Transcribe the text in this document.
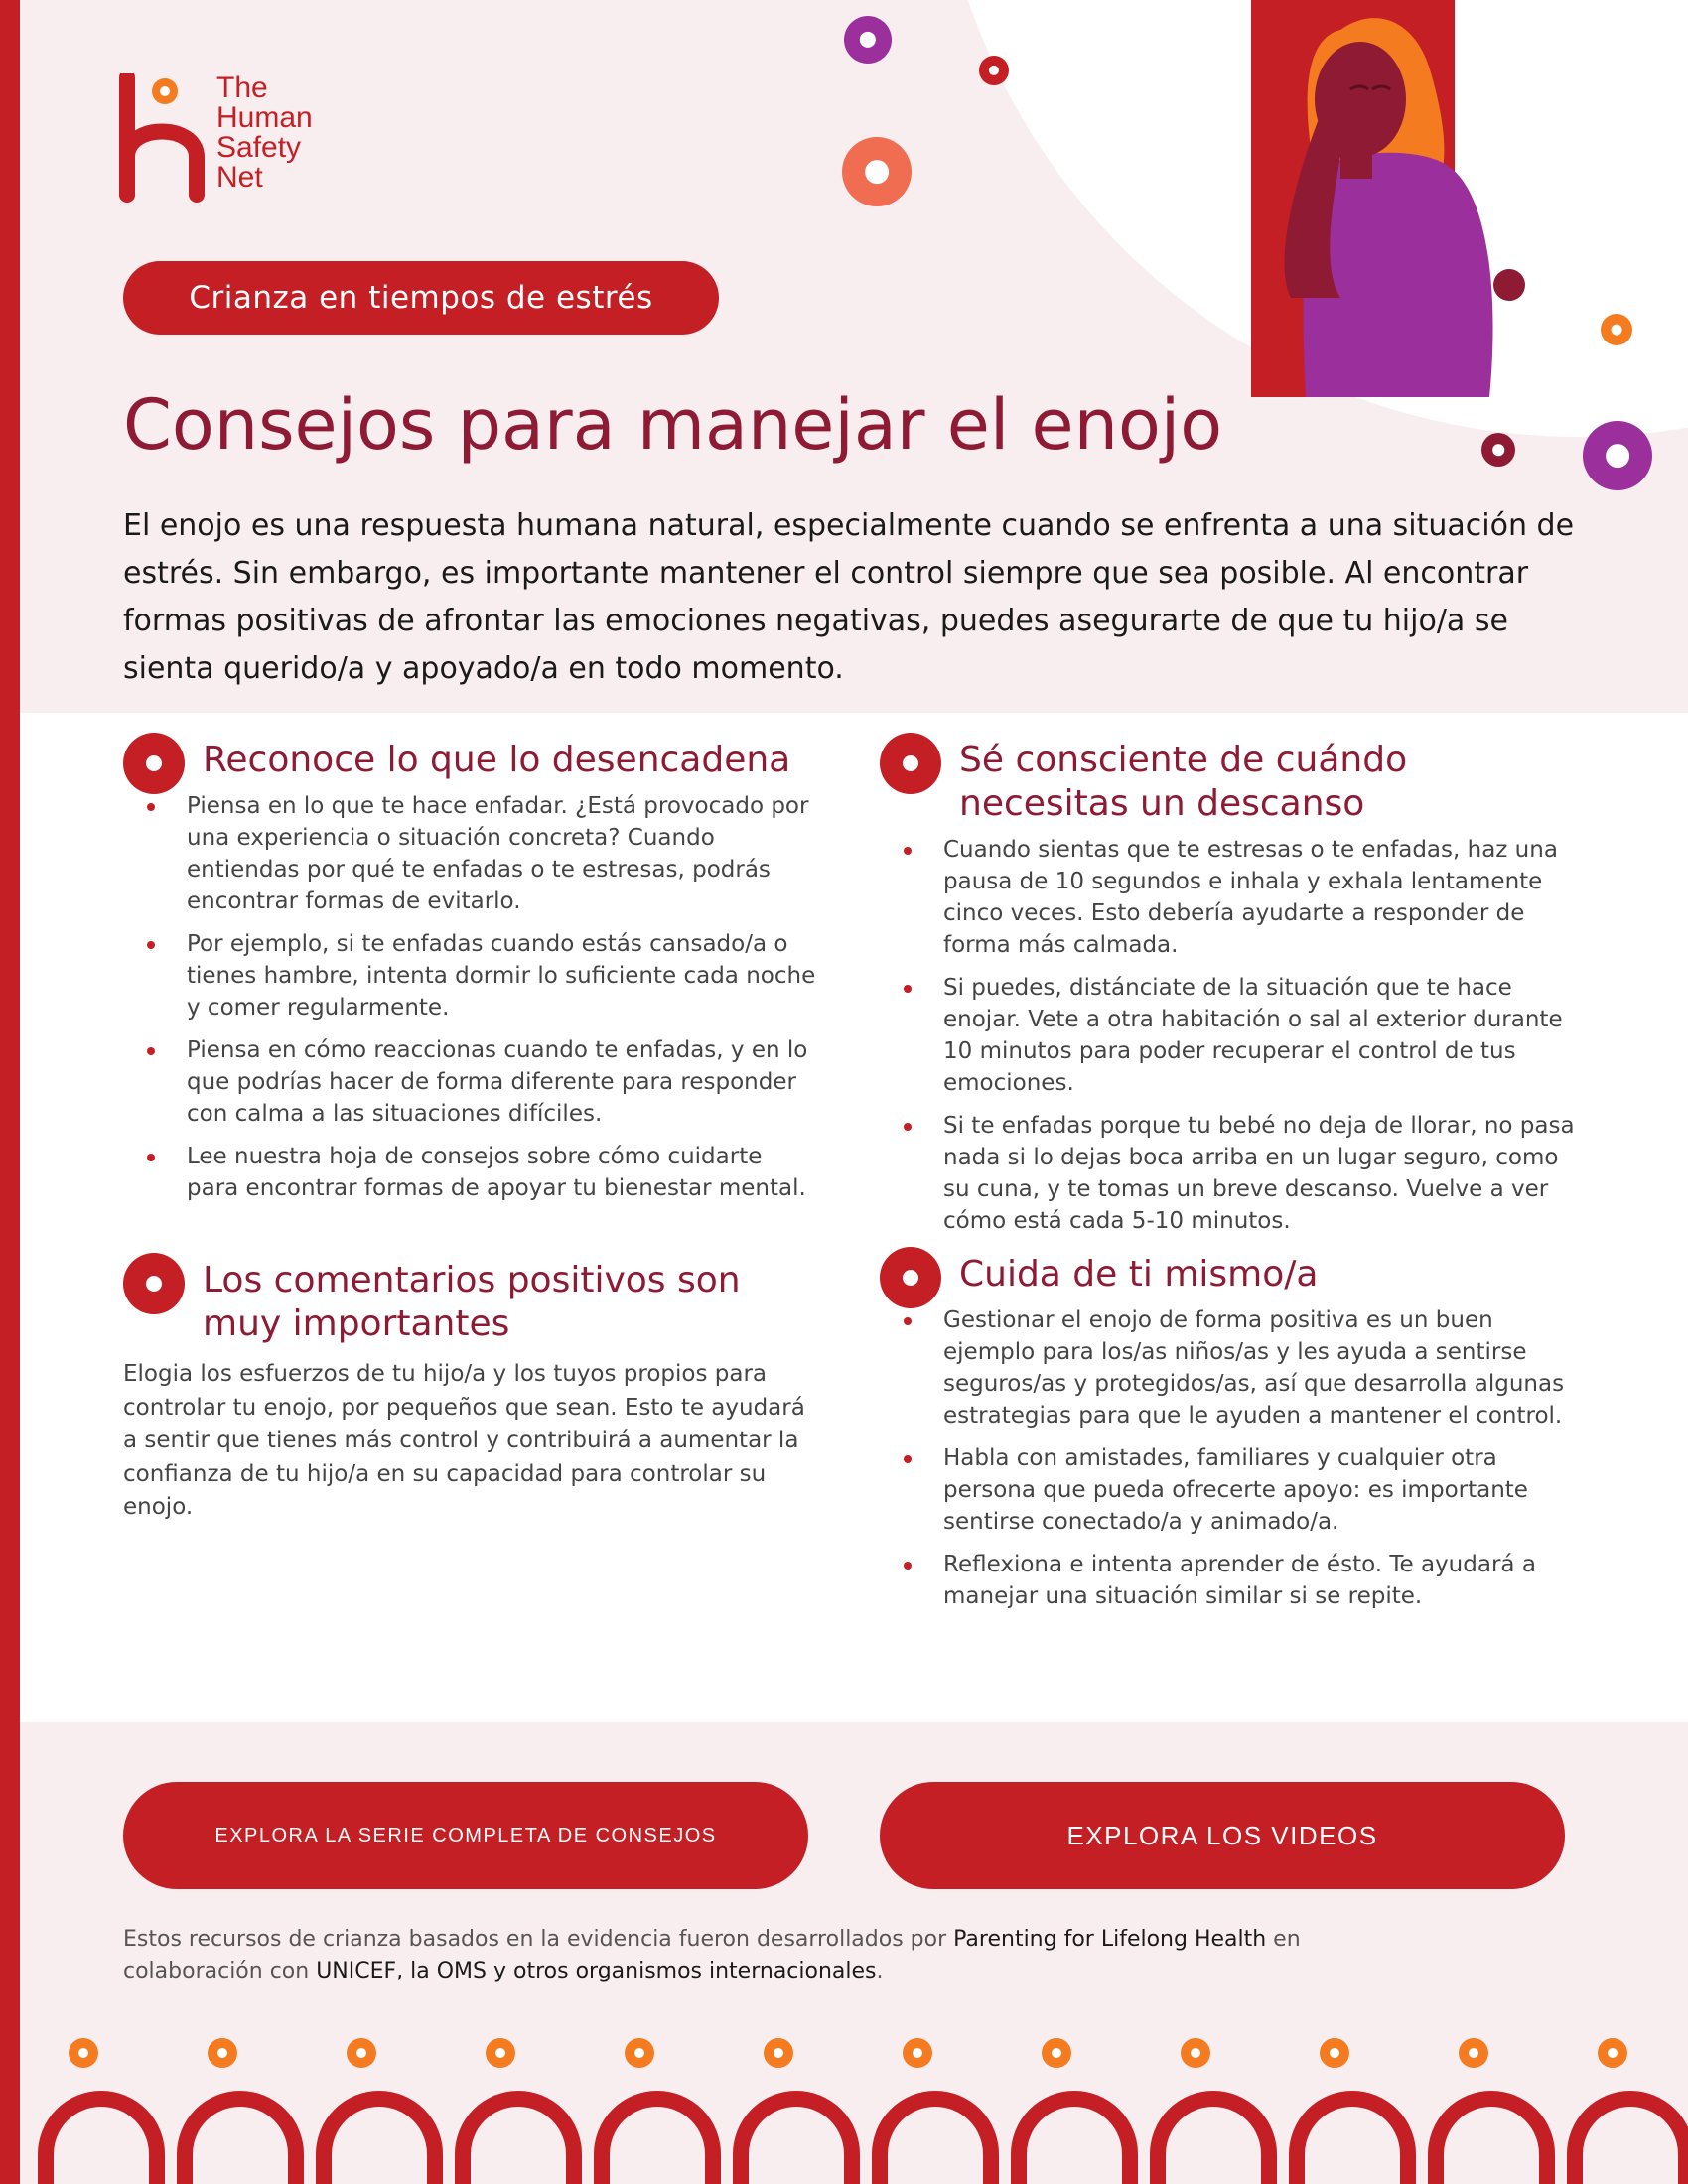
The
Human
Safety
Net
Crianza en tiempos de estrés
Consejos para manejar el enojo

El enojo es una respuesta humana natural, especialmente cuando se enfrenta a una situación de estrés. Sin embargo, es importante mantener el control siempre que sea posible. Al encontrar formas positivas de afrontar las emociones negativas, puedes asegurarte de que tu hijo/a se sienta querido/a y apoyado/a en todo momento.

Reconoce lo que lo desencadena
Piensa en lo que te hace enfadar. ¿Está provocado por una experiencia o situación concreta? Cuando entiendas por qué te enfadas o te estresas, podrás encontrar formas de evitarlo.
Por ejemplo, si te enfadas cuando estás cansado/a o tienes hambre, intenta dormir lo suficiente cada noche y comer regularmente.
Piensa en cómo reaccionas cuando te enfadas, y en lo que podrías hacer de forma diferente para responder con calma a las situaciones difíciles.
Lee nuestra hoja de consejos sobre cómo cuidarte para encontrar formas de apoyar tu bienestar mental.
Los comentarios positivos son muy importantes

Elogia los esfuerzos de tu hijo/a y los tuyos propios para controlar tu enojo, por pequeños que sean. Esto te ayudará a sentir que tienes más control y contribuirá a aumentar la confianza de tu hijo/a en su capacidad para controlar su enojo.

Sé consciente de cuándo necesitas un descanso
Cuando sientas que te estresas o te enfadas, haz una pausa de 10 segundos e inhala y exhala lentamente cinco veces. Esto debería ayudarte a responder de forma más calmada.
Si puedes, distánciate de la situación que te hace enojar. Vete a otra habitación o sal al exterior durante 10 minutos para poder recuperar el control de tus emociones.
Si te enfadas porque tu bebé no deja de llorar, no pasa nada si lo dejas boca arriba en un lugar seguro, como su cuna, y te tomas un breve descanso. Vuelve a ver cómo está cada 5-10 minutos.
Cuida de ti mismo/a
Gestionar el enojo de forma positiva es un buen ejemplo para los/as niños/as y les ayuda a sentirse seguros/as y protegidos/as, así que desarrolla algunas estrategias para que le ayuden a mantener el control.
Habla con amistades, familiares y cualquier otra persona que pueda ofrecerte apoyo: es importante sentirse conectado/a y animado/a.
Reflexiona e intenta aprender de ésto. Te ayudará a manejar una situación similar si se repite.
EXPLORA LA SERIE COMPLETA DE CONSEJOS	EXPLORA LOS VIDEOS

Estos recursos de crianza basados en la evidencia fueron desarrollados por Parenting for Lifelong Health en colaboración con UNICEF, la OMS y otros organismos internacionales.
